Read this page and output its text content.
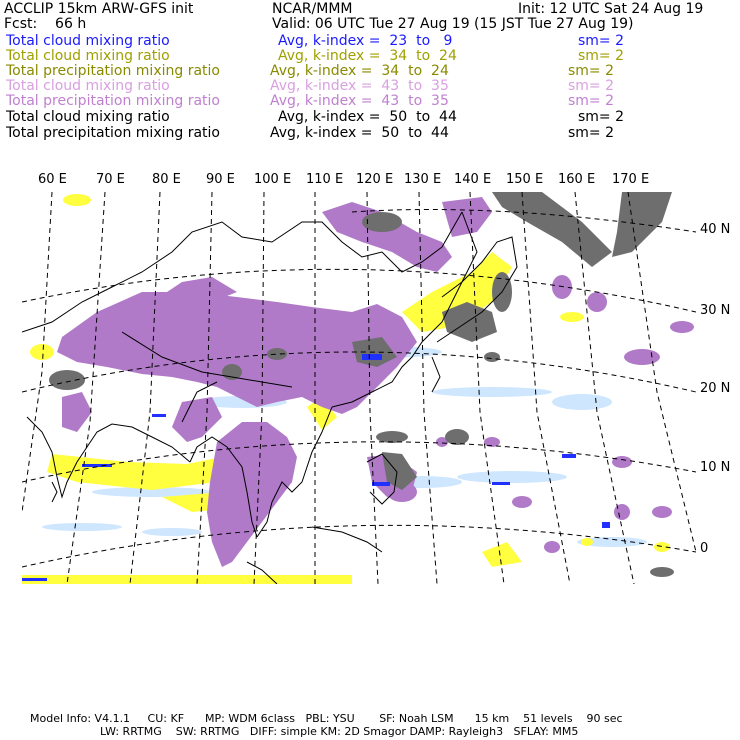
ACCLIP 15km ARW-GFS init	NCAR/MMM	Init: 12 UTC Sat 24 Aug 19
Fcst:    66 h	Valid: 06 UTC Tue 27 Aug 19 (15 JST Tue 27 Aug 19)
Total cloud mixing ratio	Avg, k-index =  23  to   9	sm= 2
Total cloud mixing ratio	Avg, k-index =  34  to  24	sm= 2
Total precipitation mixing ratio	Avg, k-index =  34  to  24	sm= 2
Total cloud mixing ratio	Avg, k-index =  43  to  35	sm= 2
Total precipitation mixing ratio	Avg, k-index =  43  to  35	sm= 2
Total cloud mixing ratio	Avg, k-index =  50  to  44	sm= 2
Total precipitation mixing ratio	Avg, k-index =  50  to  44	sm= 2
60 E 70 E 80 E 90 E 100 E 110 E 120 E 130 E 140 E 150 E 160 E 170 E
40 N
30 N
20 N
10 N
0
Model Info: V4.1.1     CU: KF      MP: WDM 6class   PBL: YSU       SF: Noah LSM      15 km    51 levels    90 sec
LW: RRTMG    SW: RRTMG   DIFF: simple KM: 2D Smagor DAMP: Rayleigh3   SFLAY: MM5
